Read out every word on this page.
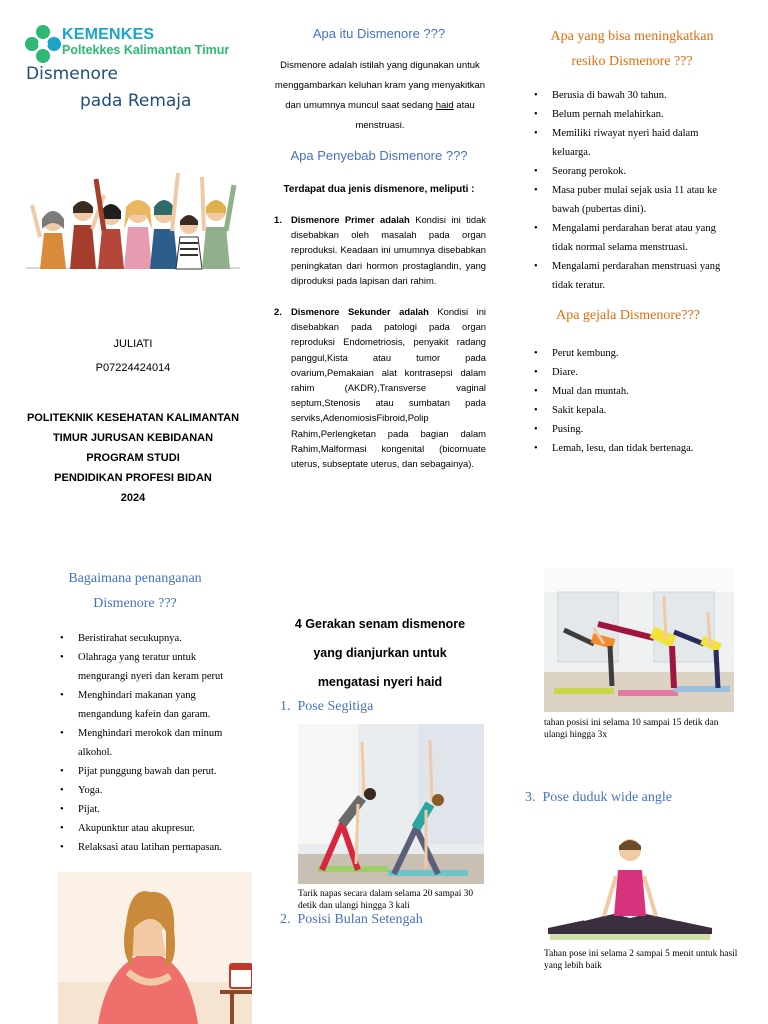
KEMENKES
Poltekkes Kalimantan Timur
Dismenore
pada Remaja
JULIATI
P07224424014
POLITEKNIK KESEHATAN KALIMANTAN
TIMUR JURUSAN KEBIDANAN
PROGRAM STUDI
PENDIDIKAN PROFESI BIDAN
2024
Apa itu Dismenore ???
Dismenore adalah istilah yang digunakan untuk menggambarkan keluhan kram yang menyakitkan dan umumnya muncul saat sedang haid atau menstruasi.
Apa Penyebab Dismenore ???
Terdapat dua jenis dismenore, meliputi :
1. Dismenore Primer adalah Kondisi ini tidak disebabkan oleh masalah pada organ reproduksi. Keadaan ini umumnya disebabkan peningkatan dari hormon prostaglandin, yang diproduksi pada lapisan dari rahim.
2. Dismenore Sekunder adalah Kondisi ini disebabkan pada patologi pada organ reproduksi Endometriosis, penyakit radang panggul,Kista atau tumor pada ovarium,Pemakaian alat kontrasepsi dalam rahim (AKDR),Transverse vaginal septum,Stenosis atau sumbatan pada serviks,AdenomiosisFibroid,Polip Rahim,Perlengketan pada bagian dalam Rahim,Malformasi kongenital (bicornuate uterus, subseptate uterus, dan sebagainya).
Apa yang bisa meningkatkan
resiko Dismenore ???
• Berusia di bawah 30 tahun.
• Belum pernah melahirkan.
• Memiliki riwayat nyeri haid dalam keluarga.
• Seorang perokok.
• Masa puber mulai sejak usia 11 atau ke bawah (pubertas dini).
• Mengalami perdarahan berat atau yang tidak normal selama menstruasi.
• Mengalami perdarahan menstruasi yang tidak teratur.
Apa gejala Dismenore???
• Perut kembung.
• Diare.
• Mual dan muntah.
• Sakit kepala.
• Pusing.
• Lemah, lesu, dan tidak bertenaga.
Bagaimana penanganan
Dismenore ???
• Beristirahat secukupnya.
• Olahraga yang teratur untuk mengurangi nyeri dan keram perut
• Menghindari makanan yang mengandung kafein dan garam.
• Menghindari merokok dan minum alkohol.
• Pijat punggung bawah dan perut.
• Yoga.
• Pijat.
• Akupunktur atau akupresur.
• Relaksasi atau latihan pernapasan.
4 Gerakan senam dismenore
yang dianjurkan untuk
mengatasi nyeri haid
1. Pose Segitiga
Tarik napas secara dalam selama 20 sampai 30 detik dan ulangi hingga 3 kali
2. Posisi Bulan Setengah
tahan posisi ini selama 10 sampai 15 detik dan ulangi hingga 3x
3. Pose duduk wide angle
Tahan pose ini selama 2 sampai 5 menit untuk hasil yang lebih baik
